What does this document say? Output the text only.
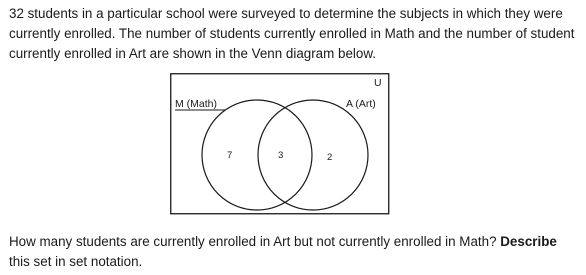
32 students in a particular school were surveyed to determine the subjects in which they were currently enrolled. The number of students currently enrolled in Math and the number of student currently enrolled in Art are shown in the Venn diagram below.

U
M (Math)	A (Art)
7	3	2

How many students are currently enrolled in Art but not currently enrolled in Math? Describe this set in set notation.
